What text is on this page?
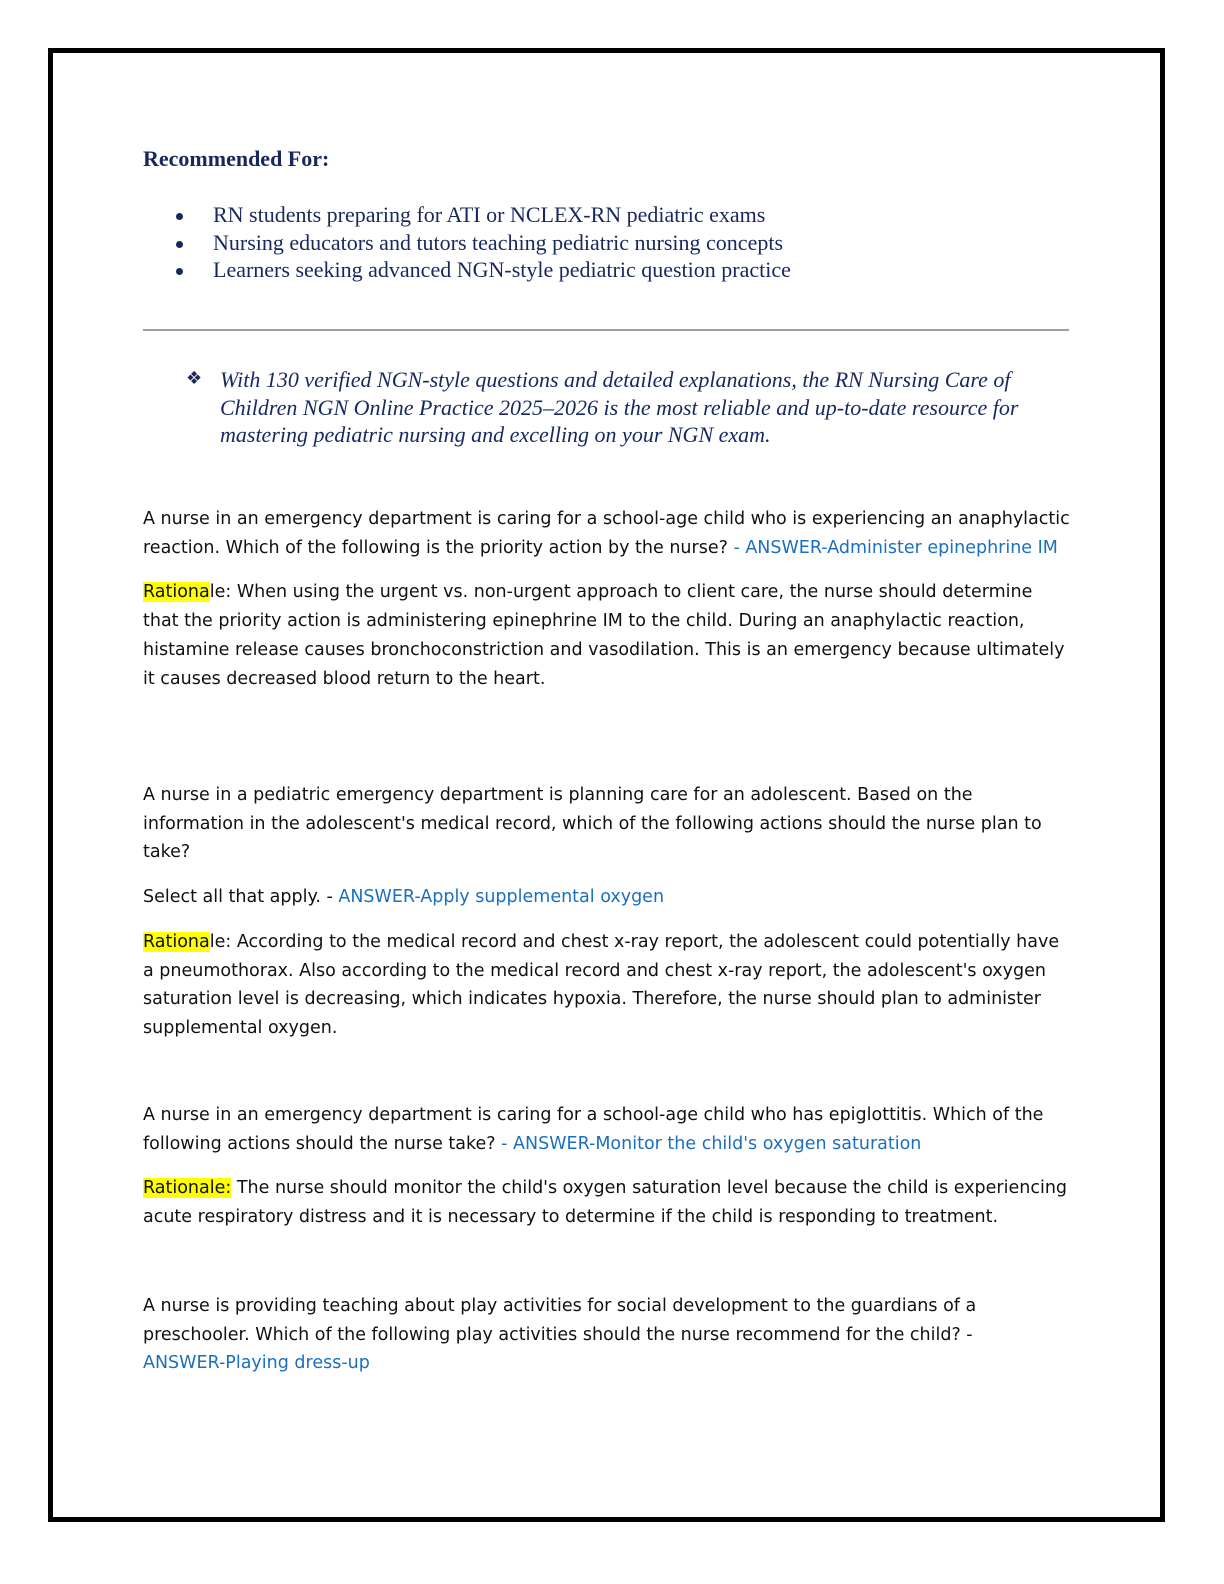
Recommended For:
RN students preparing for ATI or NCLEX-RN pediatric exams
Nursing educators and tutors teaching pediatric nursing concepts
Learners seeking advanced NGN-style pediatric question practice
❖ With 130 verified NGN-style questions and detailed explanations, the RN Nursing Care of Children NGN Online Practice 2025–2026 is the most reliable and up-to-date resource for mastering pediatric nursing and excelling on your NGN exam.

A nurse in an emergency department is caring for a school-age child who is experiencing an anaphylactic reaction. Which of the following is the priority action by the nurse? - ANSWER-Administer epinephrine IM

Rationale: When using the urgent vs. non-urgent approach to client care, the nurse should determine that the priority action is administering epinephrine IM to the child. During an anaphylactic reaction, histamine release causes bronchoconstriction and vasodilation. This is an emergency because ultimately it causes decreased blood return to the heart.

A nurse in a pediatric emergency department is planning care for an adolescent. Based on the information in the adolescent's medical record, which of the following actions should the nurse plan to take?

Select all that apply. - ANSWER-Apply supplemental oxygen

Rationale: According to the medical record and chest x-ray report, the adolescent could potentially have a pneumothorax. Also according to the medical record and chest x-ray report, the adolescent's oxygen saturation level is decreasing, which indicates hypoxia. Therefore, the nurse should plan to administer supplemental oxygen.

A nurse in an emergency department is caring for a school-age child who has epiglottitis. Which of the following actions should the nurse take? - ANSWER-Monitor the child's oxygen saturation

Rationale: The nurse should monitor the child's oxygen saturation level because the child is experiencing acute respiratory distress and it is necessary to determine if the child is responding to treatment.

A nurse is providing teaching about play activities for social development to the guardians of a preschooler. Which of the following play activities should the nurse recommend for the child? -

ANSWER-Playing dress-up
